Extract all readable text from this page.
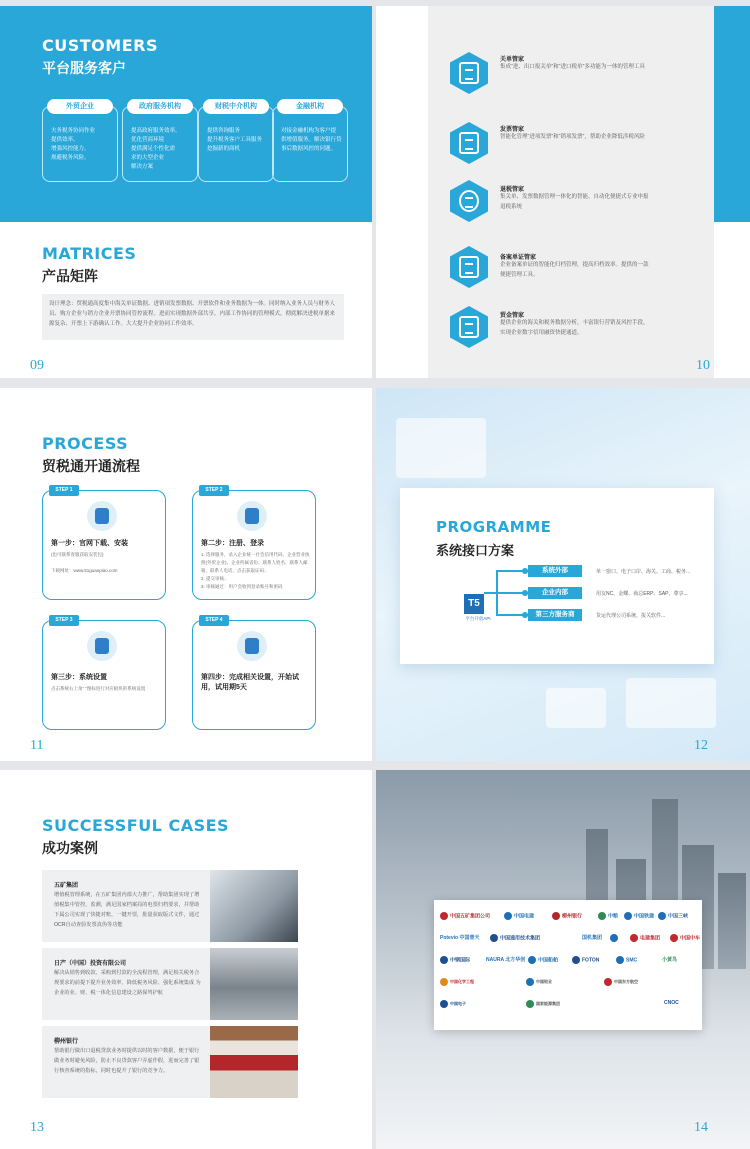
CUSTOMERS
平台服务客户
外贸企业
夫务税务协同作业
提供效率。
增强风控能力。
规避税务风险。
政府服务机构
提高政府服务效率。
优化营商环境
提供满足个性化需
求的大型企业
解决方案
财税中介机构
提供咨询服务
提升税务客户工具服务
挖掘新的商机
金融机构
对接金融机构为客户提
供增值服务。解决银行贷
事后数据风控的问题。
MATRICES
产品矩阵
设计理念：贸税通高度集中海关单证数据、进销项发票数据、开票软件和业务数据为一体。同时纳入业务人员与财务人员、购方企业与销方企业开票协同管控流程。进而实现数据外部共享。内部工作协同的管理模式，彻底解决进税单据来源复杂、开票上下游确认工作。大大提升企业协同工作效率。
09
关单管家
集成“进、出口报关单”和“进口税单”多功能为一体的管理工具
发票管家
智能化管理“进项发票”和“销项发票”，帮助企业降低涉税风险
退税管家
集关单、发票数据管理一体化的智能、自动化便捷式专业申报退税系统
备案单证管家
企业备案单证的智能化归档管理，提高归档效率。提供的一款便捷管理工具。
贸金管家
提供企业的海关和税务数据分析，丰富银行营销及风控手段，实现企业数字信用融资快捷通道。
10
PROCESS
贸税通开通流程
STEP 1
第一步：官网下载、安装
(也可联系客服获取安装包)

下载网址：www.51guanpiao.com
STEP 2
第二步：注册、登录
1. 选择服务，录入企业统一社会信用代码、企业营业执照(外贸企业)、企业所属省份、联系人姓名、联系人邮箱、联系人电话、点击获取证码；
2. 提交审核；
3. 审核通过：用户会收到登录账号和密码
STEP 3
第三步：系统设置
点击系统右上角“ ”图标进行对应板块的系统设置
STEP 4
第四步：完成相关设置，开始试用，试用期5天
11
PROGRAMME
系统接口方案
T5
平台开放API
系统外部	单一窗口、电子口岸、海关、工商、税务...
企业内部	用友NC、金蝶、商总ERP、SAP、尊享...
第三方服务商	货运代理公司系统、报关软件...
12
SUCCESSFUL CASES
成功案例
五矿集团
增值税管理系统，在五矿集团内部大力推广，帮助集团实现了增值税集中管控，监测，满足国家档案局的电票归档要求，并帮助下属公司实现了快捷对账，一键开票，批量获取版式文件，通过OCR自动查验发票真伪等功能
日产（中国）投资有限公司
解决从销售到收款、采购到付款的全流程管理，满足相关税务合规要求的前提下提升业务效率、降低税务风险、强化系统集成 为企业的业、财、税一体化信息建设之路保驾护航
柳州银行
帮助银行做出口退税贷款业务时提供以时的客户数据，便于银行做业务时避免风险，防止不良贷款客户弄虚作假，进而完善了银行核查系统的指标，同时也提升了银行的竞争力。
13
中国五矿集团公司	中国电建	柳州银行	中粮	中国铁建	中国三峡
Potevio 中国普天	中国通用技术集团	国机集团	电建集团	中国中车
中钢国际	NAURA 北方华创	中国船舶	FOTON	SMC	小黄鸟
中国化学工程	中国铝业	中国东方航空
中国电子	国家能源集团	CNOC
14
